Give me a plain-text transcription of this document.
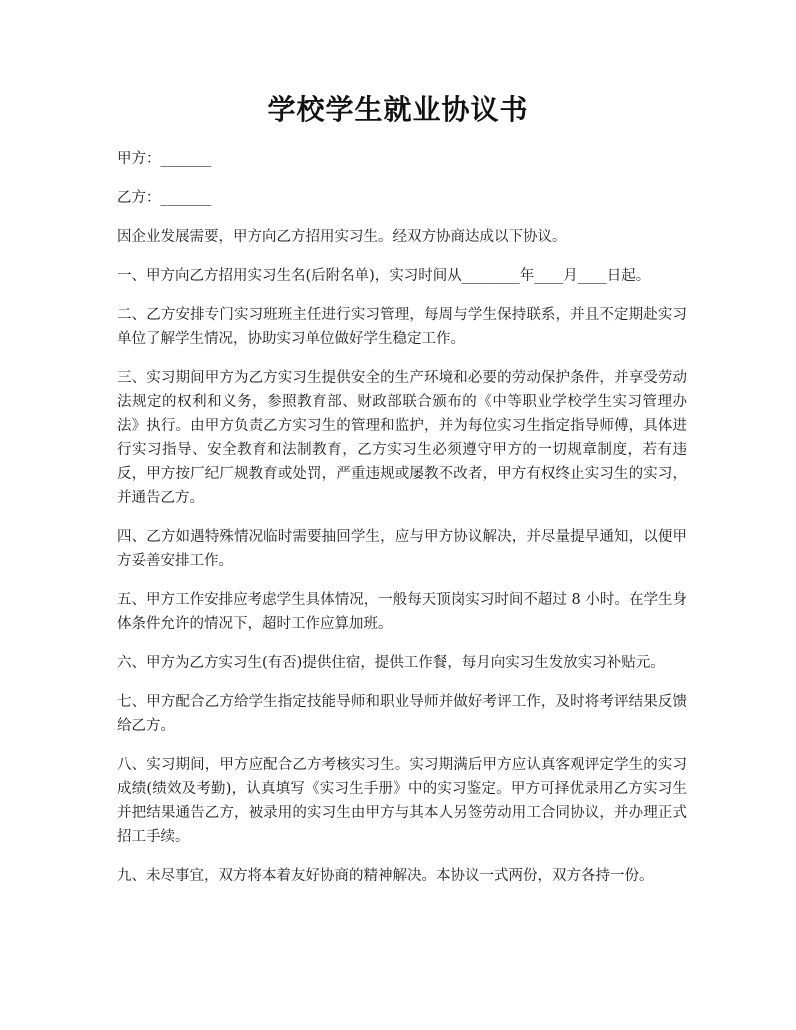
学校学生就业协议书

甲方：_______

乙方：_______

因企业发展需要，甲方向乙方招用实习生。经双方协商达成以下协议。

一、甲方向乙方招用实习生名(后附名单)，实习时间从________年____月____日起。

二、乙方安排专门实习班班主任进行实习管理，每周与学生保持联系，并且不定期赴实习单位了解学生情况，协助实习单位做好学生稳定工作。

三、实习期间甲方为乙方实习生提供安全的生产环境和必要的劳动保护条件，并享受劳动法规定的权利和义务，参照教育部、财政部联合颁布的《中等职业学校学生实习管理办法》执行。由甲方负责乙方实习生的管理和监护，并为每位实习生指定指导师傅，具体进行实习指导、安全教育和法制教育，乙方实习生必须遵守甲方的一切规章制度，若有违反，甲方按厂纪厂规教育或处罚，严重违规或屡教不改者，甲方有权终止实习生的实习，并通告乙方。

四、乙方如遇特殊情况临时需要抽回学生，应与甲方协议解决，并尽量提早通知，以便甲方妥善安排工作。

五、甲方工作安排应考虑学生具体情况，一般每天顶岗实习时间不超过 8 小时。在学生身体条件允许的情况下，超时工作应算加班。

六、甲方为乙方实习生(有否)提供住宿，提供工作餐，每月向实习生发放实习补贴元。

七、甲方配合乙方给学生指定技能导师和职业导师并做好考评工作，及时将考评结果反馈给乙方。

八、实习期间，甲方应配合乙方考核实习生。实习期满后甲方应认真客观评定学生的实习成绩(绩效及考勤)，认真填写《实习生手册》中的实习鉴定。甲方可择优录用乙方实习生并把结果通告乙方，被录用的实习生由甲方与其本人另签劳动用工合同协议，并办理正式招工手续。

九、未尽事宜，双方将本着友好协商的精神解决。本协议一式两份，双方各持一份。
